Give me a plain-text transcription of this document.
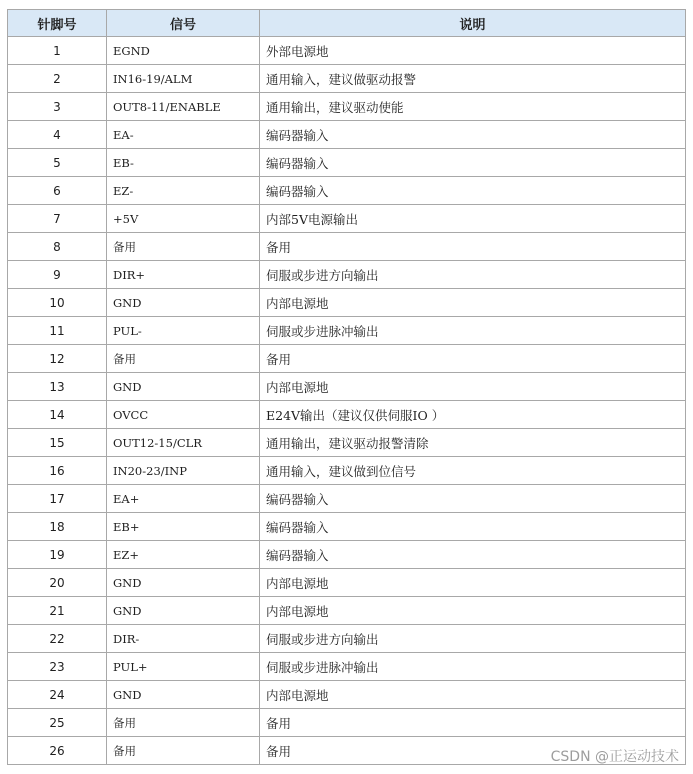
针脚号	信号	说明
1	EGND	外部电源地
2	IN16-19/ALM	通用输入，建议做驱动报警
3	OUT8-11/ENABLE	通用输出，建议驱动使能
4	EA-	编码器输入
5	EB-	编码器输入
6	EZ-	编码器输入
7	+5V	内部5V电源输出
8	备用	备用
9	DIR+	伺服或步进方向输出
10	GND	内部电源地
11	PUL-	伺服或步进脉冲输出
12	备用	备用
13	GND	内部电源地
14	OVCC	E24V输出（建议仅供伺服IO ）
15	OUT12-15/CLR	通用输出，建议驱动报警清除
16	IN20-23/INP	通用输入，建议做到位信号
17	EA+	编码器输入
18	EB+	编码器输入
19	EZ+	编码器输入
20	GND	内部电源地
21	GND	内部电源地
22	DIR-	伺服或步进方向输出
23	PUL+	伺服或步进脉冲输出
24	GND	内部电源地
25	备用	备用
26	备用	备用	CSDN @正运动技术
